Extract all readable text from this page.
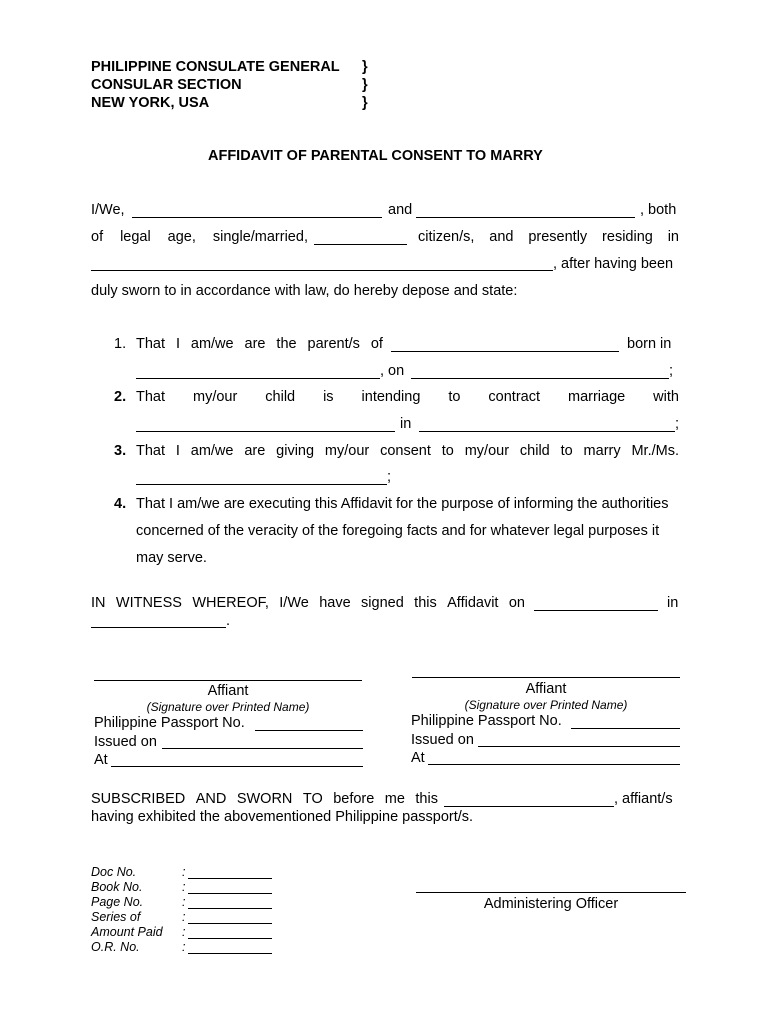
PHILIPPINE CONSULATE GENERAL
CONSULAR SECTION
NEW YORK, USA
}
}
}
AFFIDAVIT OF PARENTAL CONSENT TO MARRY
I/We,	and	, both
of legal age, single/married,	citizen/s, and presently residing in
, after having been
duly sworn to in accordance with law, do hereby depose and state:
1. That I am/we are the parent/s of	born in
, on	;
2. That my/our child is intending to contract marriage with
in	;
3. That I am/we are giving my/our consent to my/our child to marry Mr./Ms.
;
4. That I am/we are executing this Affidavit for the purpose of informing the authorities
concerned of the veracity of the foregoing facts and for whatever legal purposes it
may serve.
IN WITNESS WHEREOF, I/We have signed this Affidavit on	in
.
Affiant
(Signature over Printed Name)
Philippine Passport No.
Issued on
At
Affiant
(Signature over Printed Name)
Philippine Passport No.
Issued on
At
SUBSCRIBED AND SWORN TO before me this	, affiant/s
having exhibited the abovementioned Philippine passport/s.
Doc No.	:
Book No.	:
Page No.	:
Series of	:
Amount Paid :
O.R. No.	:
Administering Officer
